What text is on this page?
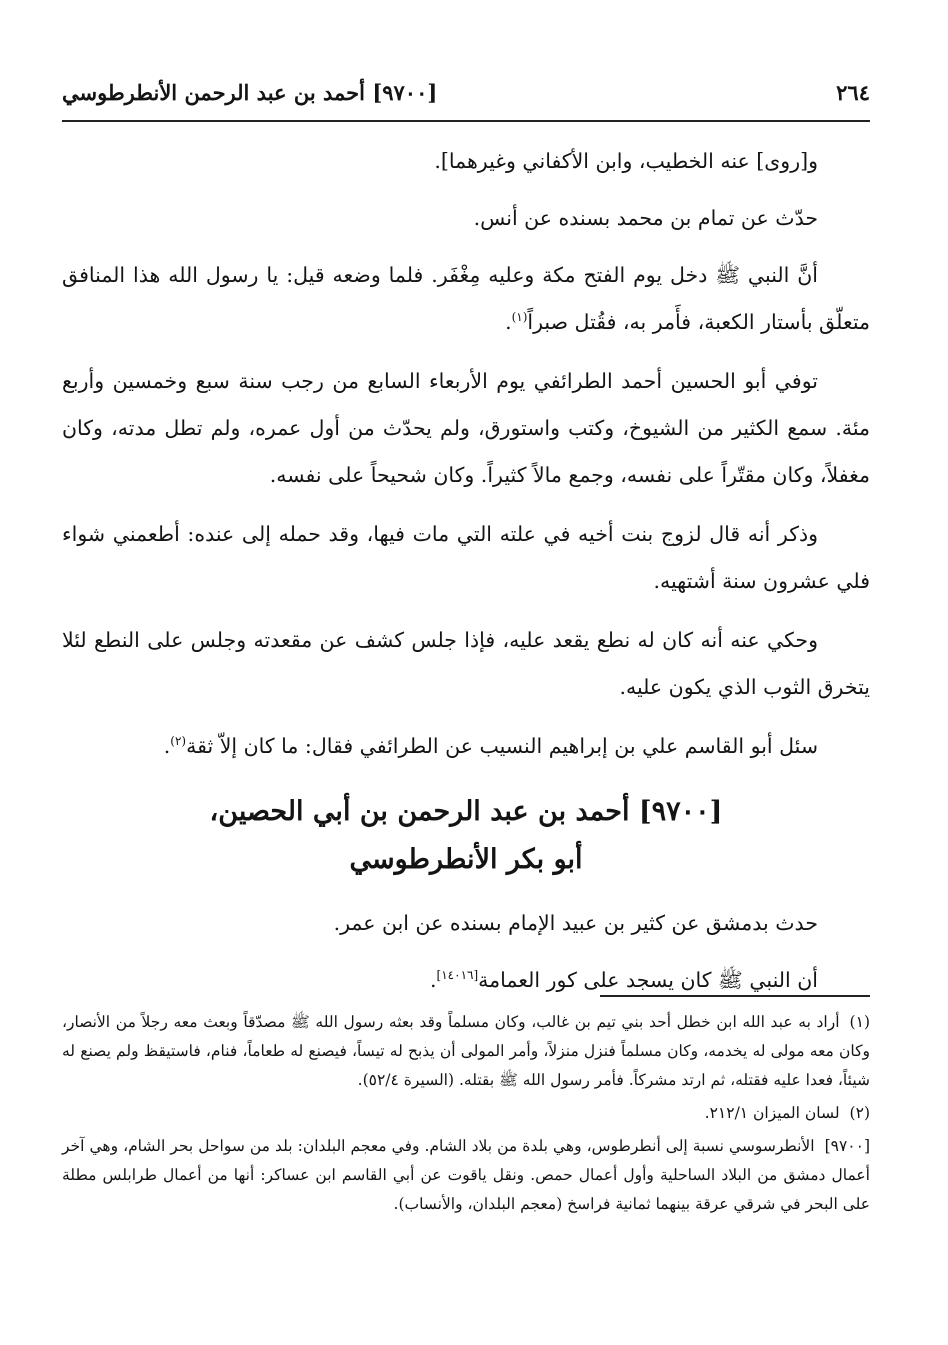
٢٦٤
[٩٧٠٠] أحمد بن عبد الرحمن الأنطرطوسي

و[روى] عنه الخطيب، وابن الأكفاني وغيرهما].

حدّث عن تمام بن محمد بسنده عن أنس.

أنَّ النبي ﷺ دخل يوم الفتح مكة وعليه مِغْفَر. فلما وضعه قيل: يا رسول الله هذا المنافق متعلّق بأستار الكعبة، فأَمر به، فقُتل صبراً$^{(١)}$.

توفي أبو الحسين أحمد الطرائفي يوم الأربعاء السابع من رجب سنة سبع وخمسين وأربع مئة. سمع الكثير من الشيوخ، وكتب واستورق، ولم يحدّث من أول عمره، ولم تطل مدته، وكان مغفلاً، وكان مقتّراً على نفسه، وجمع مالاً كثيراً. وكان شحيحاً على نفسه.

وذكر أنه قال لزوج بنت أخيه في علته التي مات فيها، وقد حمله إلى عنده: أطعمني شواء فلي عشرون سنة أشتهيه.

وحكي عنه أنه كان له نطع يقعد عليه، فإذا جلس كشف عن مقعدته وجلس على النطع لئلا يتخرق الثوب الذي يكون عليه.

سئل أبو القاسم علي بن إبراهيم النسيب عن الطرائفي فقال: ما كان إلاّ ثقة$^{(٢)}$.

[٩٧٠٠] أحمد بن عبد الرحمن بن أبي الحصين،
أبو بكر الأنطرطوسي

حدث بدمشق عن كثير بن عبيد الإمام بسنده عن ابن عمر.

أن النبي ﷺ كان يسجد على كور العمامة[١٤٠١٦].

(١)أراد به عبد الله ابن خطل أحد بني تيم بن غالب، وكان مسلماً وقد بعثه رسول الله ﷺ مصدّقاً وبعث معه رجلاً من الأنصار، وكان معه مولى له يخدمه، وكان مسلماً فنزل منزلاً، وأمر المولى أن يذبح له تيساً، فيصنع له طعاماً، فنام، فاستيقظ ولم يصنع له شيئاً، فعدا عليه فقتله، ثم ارتد مشركاً. فأمر رسول الله ﷺ بقتله. (السيرة ٥٢/٤).

(٢)لسان الميزان ٢١٢/١.

[٩٧٠٠]الأنطرسوسي نسبة إلى أنطرطوس، وهي بلدة من بلاد الشام. وفي معجم البلدان: بلد من سواحل بحر الشام، وهي آخر أعمال دمشق من البلاد الساحلية وأول أعمال حمص. ونقل ياقوت عن أبي القاسم ابن عساكر: أنها من أعمال طرابلس مطلة على البحر في شرقي عرقة بينهما ثمانية فراسخ (معجم البلدان، والأنساب).
